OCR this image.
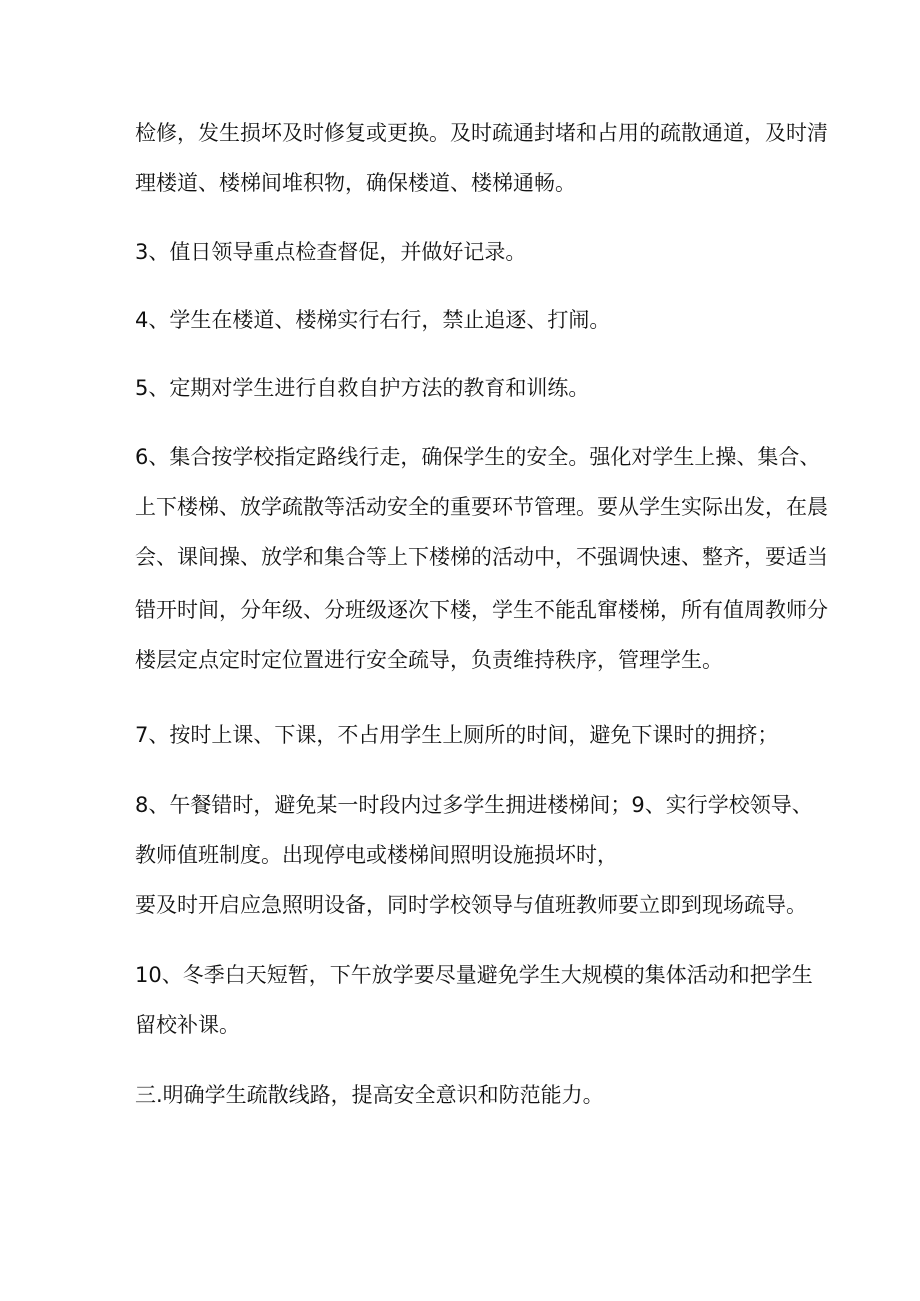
检修，发生损坏及时修复或更换。及时疏通封堵和占用的疏散通道，及时清
理楼道、楼梯间堆积物，确保楼道、楼梯通畅。
3、值日领导重点检查督促，并做好记录。
4、学生在楼道、楼梯实行右行，禁止追逐、打闹。
5、定期对学生进行自救自护方法的教育和训练。
6、集合按学校指定路线行走，确保学生的安全。强化对学生上操、集合、
上下楼梯、放学疏散等活动安全的重要环节管理。要从学生实际出发，在晨
会、课间操、放学和集合等上下楼梯的活动中，不强调快速、整齐，要适当
错开时间，分年级、分班级逐次下楼，学生不能乱窜楼梯，所有值周教师分
楼层定点定时定位置进行安全疏导，负责维持秩序，管理学生。
7、按时上课、下课，不占用学生上厕所的时间，避免下课时的拥挤；
8、午餐错时，避免某一时段内过多学生拥进楼梯间；9、实行学校领导、
教师值班制度。出现停电或楼梯间照明设施损坏时，
要及时开启应急照明设备，同时学校领导与值班教师要立即到现场疏导。
10、冬季白天短暂，下午放学要尽量避免学生大规模的集体活动和把学生
留校补课。
三.明确学生疏散线路，提高安全意识和防范能力。
